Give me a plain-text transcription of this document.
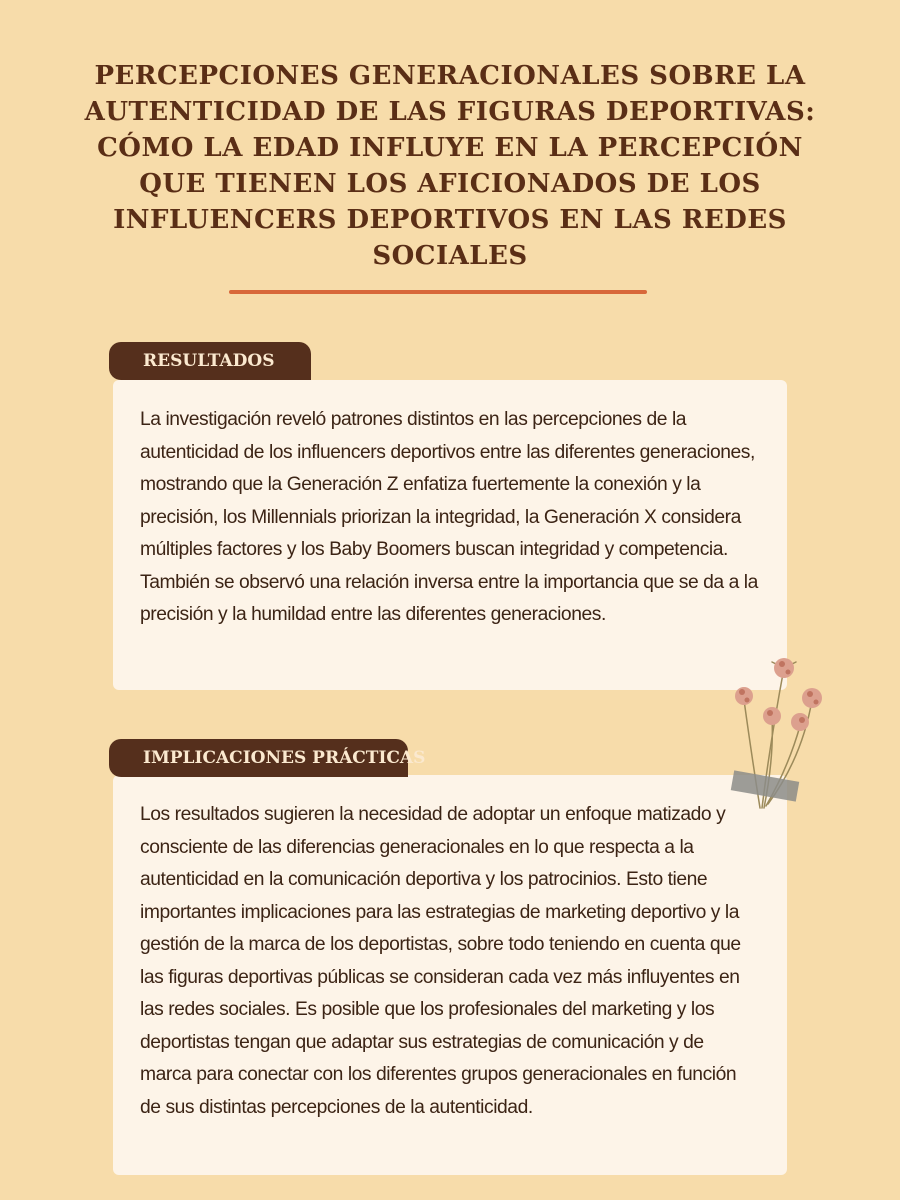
PERCEPCIONES GENERACIONALES SOBRE LA AUTENTICIDAD DE LAS FIGURAS DEPORTIVAS: CÓMO LA EDAD INFLUYE EN LA PERCEPCIÓN QUE TIENEN LOS AFICIONADOS DE LOS INFLUENCERS DEPORTIVOS EN LAS REDES SOCIALES

La investigación reveló patrones distintos en las percepciones de la autenticidad de los influencers deportivos entre las diferentes generaciones, mostrando que la Generación Z enfatiza fuertemente la conexión y la precisión, los Millennials priorizan la integridad, la Generación X considera múltiples factores y los Baby Boomers buscan integridad y competencia. También se observó una relación inversa entre la importancia que se da a la precisión y la humildad entre las diferentes generaciones.

RESULTADOS

Los resultados sugieren la necesidad de adoptar un enfoque matizado y consciente de las diferencias generacionales en lo que respecta a la autenticidad en la comunicación deportiva y los patrocinios. Esto tiene importantes implicaciones para las estrategias de marketing deportivo y la gestión de la marca de los deportistas, sobre todo teniendo en cuenta que las figuras deportivas públicas se consideran cada vez más influyentes en las redes sociales. Es posible que los profesionales del marketing y los deportistas tengan que adaptar sus estrategias de comunicación y de marca para conectar con los diferentes grupos generacionales en función de sus distintas percepciones de la autenticidad.

IMPLICACIONES PRÁCTICAS
